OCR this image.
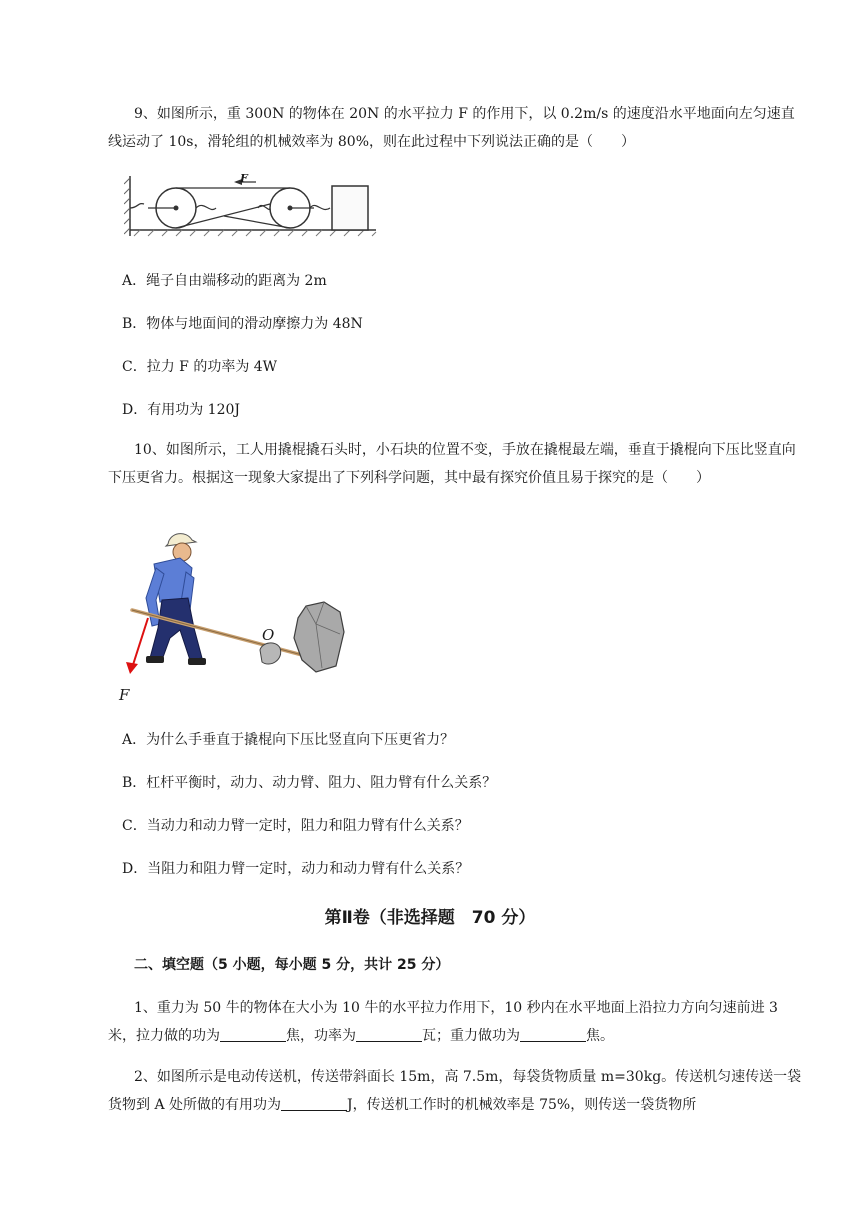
9、如图所示，重 300N 的物体在 20N 的水平拉力 F 的作用下，以 0.2m/s 的速度沿水平地面向左匀速直线运动了 10s，滑轮组的机械效率为 80%，则在此过程中下列说法正确的是（　　）

F

A．绳子自由端移动的距离为 2m

B．物体与地面间的滑动摩擦力为 48N

C．拉力 F 的功率为 4W

D．有用功为 120J

10、如图所示，工人用撬棍撬石头时，小石块的位置不变，手放在撬棍最左端，垂直于撬棍向下压比竖直向下压更省力。根据这一现象大家提出了下列科学问题，其中最有探究价值且易于探究的是（　　）

O
F

A．为什么手垂直于撬棍向下压比竖直向下压更省力？

B．杠杆平衡时，动力、动力臂、阻力、阻力臂有什么关系？

C．当动力和动力臂一定时，阻力和阻力臂有什么关系？

D．当阻力和阻力臂一定时，动力和动力臂有什么关系？

第Ⅱ卷（非选择题　70 分）
二、填空题（5 小题，每小题 5 分，共计 25 分）

1、重力为 50 牛的物体在大小为 10 牛的水平拉力作用下，10 秒内在水平地面上沿拉力方向匀速前进 3 米，拉力做的功为	焦，功率为	瓦；重力做功为	焦。

2、如图所示是电动传送机，传送带斜面长 15m，高 7.5m，每袋货物质量 m=30kg。传送机匀速传送一袋货物到 A 处所做的有用功为	J，传送机工作时的机械效率是 75%，则传送一袋货物所
